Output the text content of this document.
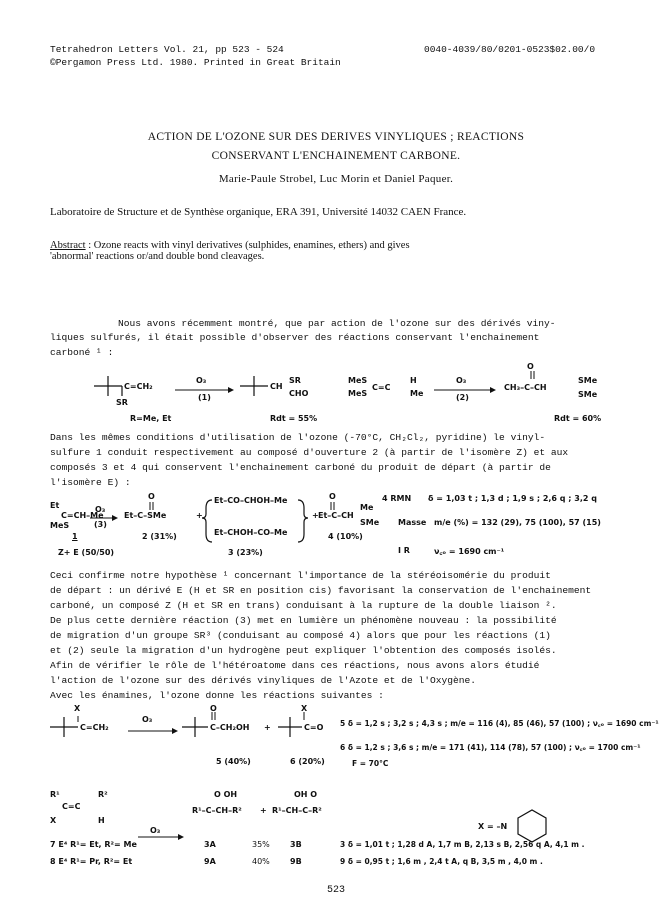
Tetrahedron Letters Vol. 21, pp 523 - 524
©Pergamon Press Ltd. 1980. Printed in Great Britain
0040-4039/80/0201-0523$02.00/0
ACTION DE L'OZONE SUR DES DERIVES VINYLIQUES ; REACTIONS
CONSERVANT L'ENCHAINEMENT CARBONE.
Marie-Paule Strobel, Luc Morin et Daniel Paquer.
Laboratoire de Structure et de Synthèse organique, ERA 391, Université 14032 CAEN France.
Abstract : Ozone reacts with vinyl derivatives (sulphides, enamines, ethers) and gives
'abnormal' reactions or/and double bond cleavages.
Nous avons récemment montré, que par action de l'ozone sur des dérivés viny-
liques sulfurés, il était possible d'observer des réactions conservant l'enchainement
carboné ¹ :
C=CH₂
SR
R=Me, Et
O₃
(1)
CH
SR
CHO
Rdt = 55%
MeS
MeS
C=C
H
Me
O₃
(2)
O
CH₃–C–CH
SMe
SMe
Rdt = 60%
Dans les mêmes conditions d'utilisation de l'ozone (-70°C, CH₂Cl₂, pyridine) le vinyl-
sulfure 1 conduit respectivement au composé d'ouverture 2 (à partir de l'isomère Z) et aux
composés 3 et 4 qui conservent l'enchainement carboné du produit de départ (à partir de
l'isomère E) :
Et
MeS
C=CH–Me
1
O₃
(3)
O
Et–C–SMe
2 (31%)
+
Et–CO–CHOH–Me
Et–CHOH–CO–Me
3 (23%)
+
O
Et–C–CH
Me
SMe
4 (10%)
Z+ E (50/50)
4 RMN δ = 1,03 t ; 1,3 d ; 1,9 s ; 2,6 q ; 3,2 q
Masse m/e (%) = 132 (29), 75 (100), 57 (15)
I R	ν꜀ₒ = 1690 cm⁻¹
Ceci confirme notre hypothèse ¹ concernant l'importance de la stéréoisomérie du produit
de départ : un dérivé E (H et SR en position cis) favorisant la conservation de l'enchainement
carboné, un composé Z (H et SR en trans) conduisant à la rupture de la double liaison ².
De plus cette dernière réaction (3) met en lumière un phénomène nouveau : la possibilité
de migration d'un groupe SR³ (conduisant au composé 4) alors que pour les réactions (1)
et (2) seule la migration d'un hydrogène peut expliquer l'obtention des composés isolés.
Afin de vérifier le rôle de l'hétéroatome dans ces réactions, nous avons alors étudié
l'action de l'ozone sur des dérivés vinyliques de l'Azote et de l'Oxygène.
Avec les énamines, l'ozone donne les réactions suivantes :
X
C=CH₂
O₃
O
C–CH₂OH +
X
C=O
5 (40%)	6 (20%)
5 δ = 1,2 s ; 3,2 s ; 4,3 s ; m/e = 116 (4), 85 (46), 57 (100) ; ν꜀ₒ = 1690 cm⁻¹
6 δ = 1,2 s ; 3,6 s ; m/e = 171 (41), 114 (78), 57 (100) ; ν꜀ₒ = 1700 cm⁻¹
F = 70°C
R¹
C=C
R²
X	H
O₃
O OH
R¹–C–CH–R² +
OH O
R¹–CH–C–R²
X = –N
7 E⁴ R¹= Et, R²= Me
8 E⁴ R¹= Pr, R²= Et
3A	35%	3B
9A	40%	9B
3 δ = 1,01 t ; 1,28 d A, 1,7 m B, 2,13 s B, 2,56 q A, 4,1 m .
9 δ = 0,95 t ; 1,6 m , 2,4 t A, q B, 3,5 m , 4,0 m .
523
